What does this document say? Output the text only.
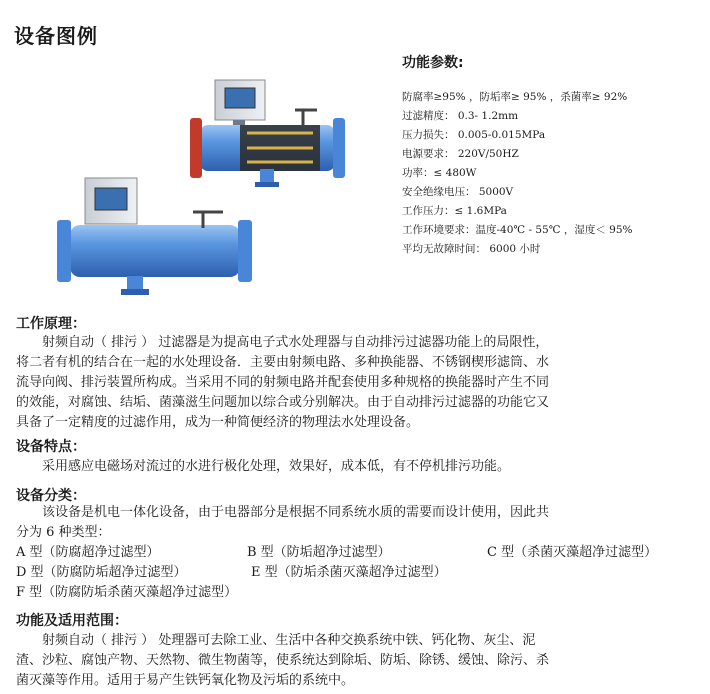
设备图例
功能参数:
防腐率≥95% ，防垢率≥ 95% ，杀菌率≥ 92%
过滤精度： 0.3- 1.2mm
压力损失： 0.005-0.015MPa
电源要求： 220V/50HZ
功率：≤ 480W
安全绝缘电压： 5000V
工作压力：≤ 1.6MPa
工作环境要求：温度-40℃ - 55℃ ，湿度＜ 95%
平均无故障时间： 6000 小时
工作原理：
　　射频自动（ 排污 ） 过滤器是为提高电子式水处理器与自动排污过滤器功能上的局限性，
将二者有机的结合在一起的水处理设备．主要由射频电路、多种换能器、不锈钢楔形滤筒、水
流导向阀、排污装置所构成。当采用不同的射频电路并配套使用多种规格的换能器时产生不同
的效能，对腐蚀、结垢、菌藻滋生问题加以综合或分别解决。由于自动排污过滤器的功能它又
具备了一定精度的过滤作用，成为一种简便经济的物理法水处理设备。
设备特点：
　　采用感应电磁场对流过的水进行极化处理，效果好，成本低，有不停机排污功能。
设备分类：
　　该设备是机电一体化设备，由于电器部分是根据不同系统水质的需要而设计使用，因此共
分为 6 种类型：
A 型（防腐超净过滤型）	B 型（防垢超净过滤型）	C 型（杀菌灭藻超净过滤型）
D 型（防腐防垢超净过滤型）	E 型（防垢杀菌灭藻超净过滤型）
F 型（防腐防垢杀菌灭藻超净过滤型）
功能及适用范围：
　　射频自动（ 排污 ） 处理器可去除工业、生活中各种交换系统中铁、钙化物、灰尘、泥
渣、沙粒、腐蚀产物、天然物、微生物菌等，使系统达到除垢、防垢、除锈、缓蚀、除污、杀
菌灭藻等作用。适用于易产生铁钙氧化物及污垢的系统中。
